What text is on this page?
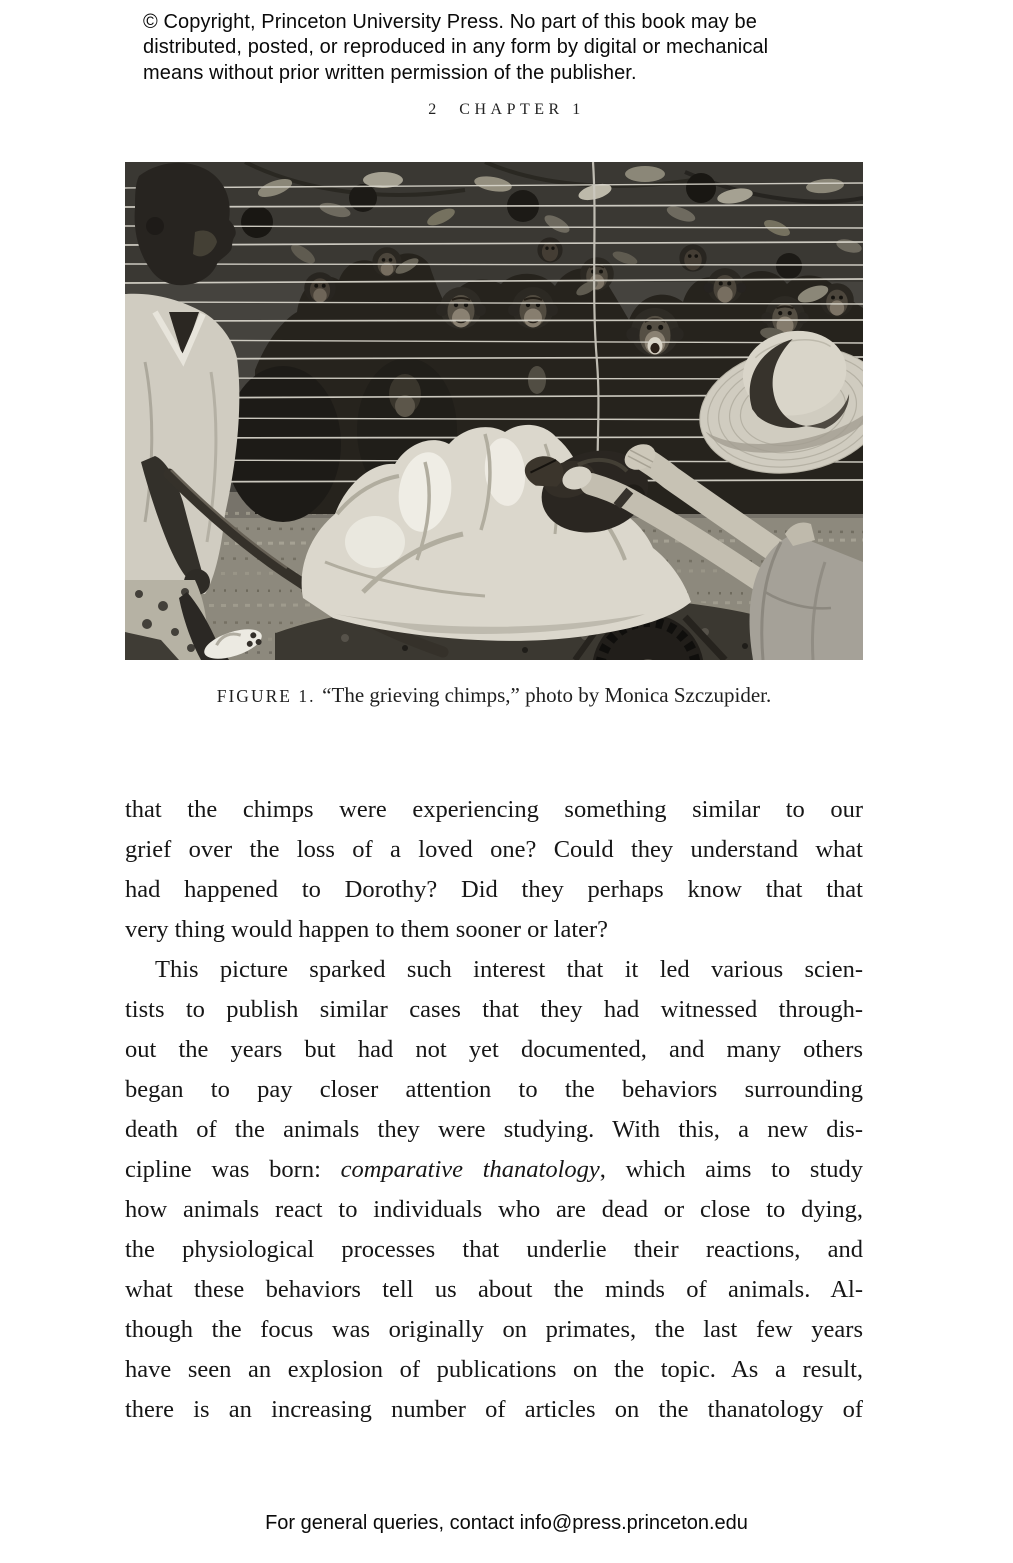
© Copyright, Princeton University Press. No part of this book may be
distributed, posted, or reproduced in any form by digital or mechanical
means without prior written permission of the publisher.
2 CHAPTER 1
FIGURE 1. “The grieving chimps,” photo by Monica Szczupider.
that the chimps were experiencing something similar to our
grief over the loss of a loved one? Could they understand what
had happened to Dorothy? Did they perhaps know that that
very thing would happen to them sooner or later?
This picture sparked such interest that it led various scien-
tists to publish similar cases that they had witnessed through-
out the years but had not yet documented, and many others
began to pay closer attention to the behaviors surrounding
death of the animals they were studying. With this, a new dis-
cipline was born: comparative thanatology, which aims to study
how animals react to individuals who are dead or close to dying,
the physiological processes that underlie their reactions, and
what these behaviors tell us about the minds of animals. Al-
though the focus was originally on primates, the last few years
have seen an explosion of publications on the topic. As a result,
there is an increasing number of articles on the thanatology of
For general queries, contact info@press.princeton.edu
